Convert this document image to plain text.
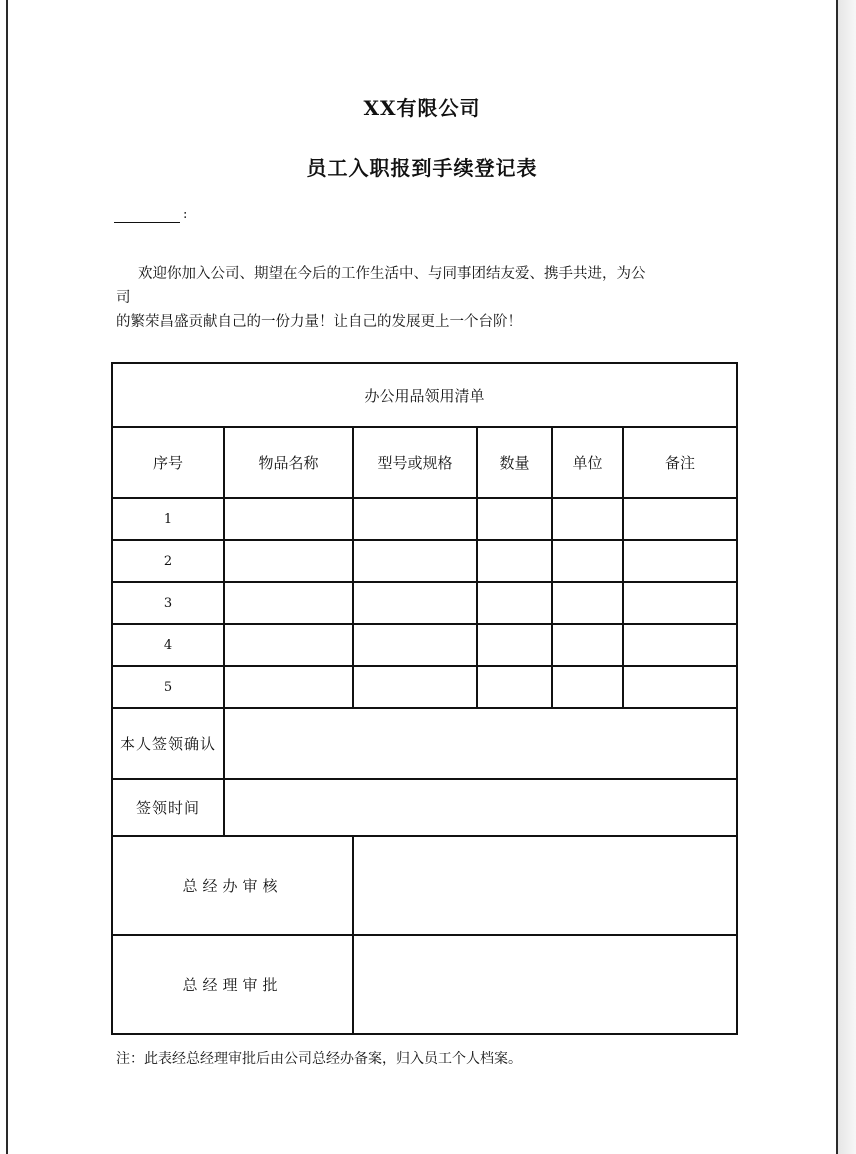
XX有限公司
员工入职报到手续登记表
:

欢迎你加入公司、期望在今后的工作生活中、与同事团结友爱、携手共进，为公

司

的繁荣昌盛贡献自己的一份力量！让自己的发展更上一个台阶！

办公用品领用清单					
序号	物品名称	型号或规格	数量	单位	备注
1					
2					
3					
4					
5					
本人签领确认					
签领时间					
总经办审核					
总经理审批					
注：此表经总经理审批后由公司总经办备案，归入员工个人档案。
